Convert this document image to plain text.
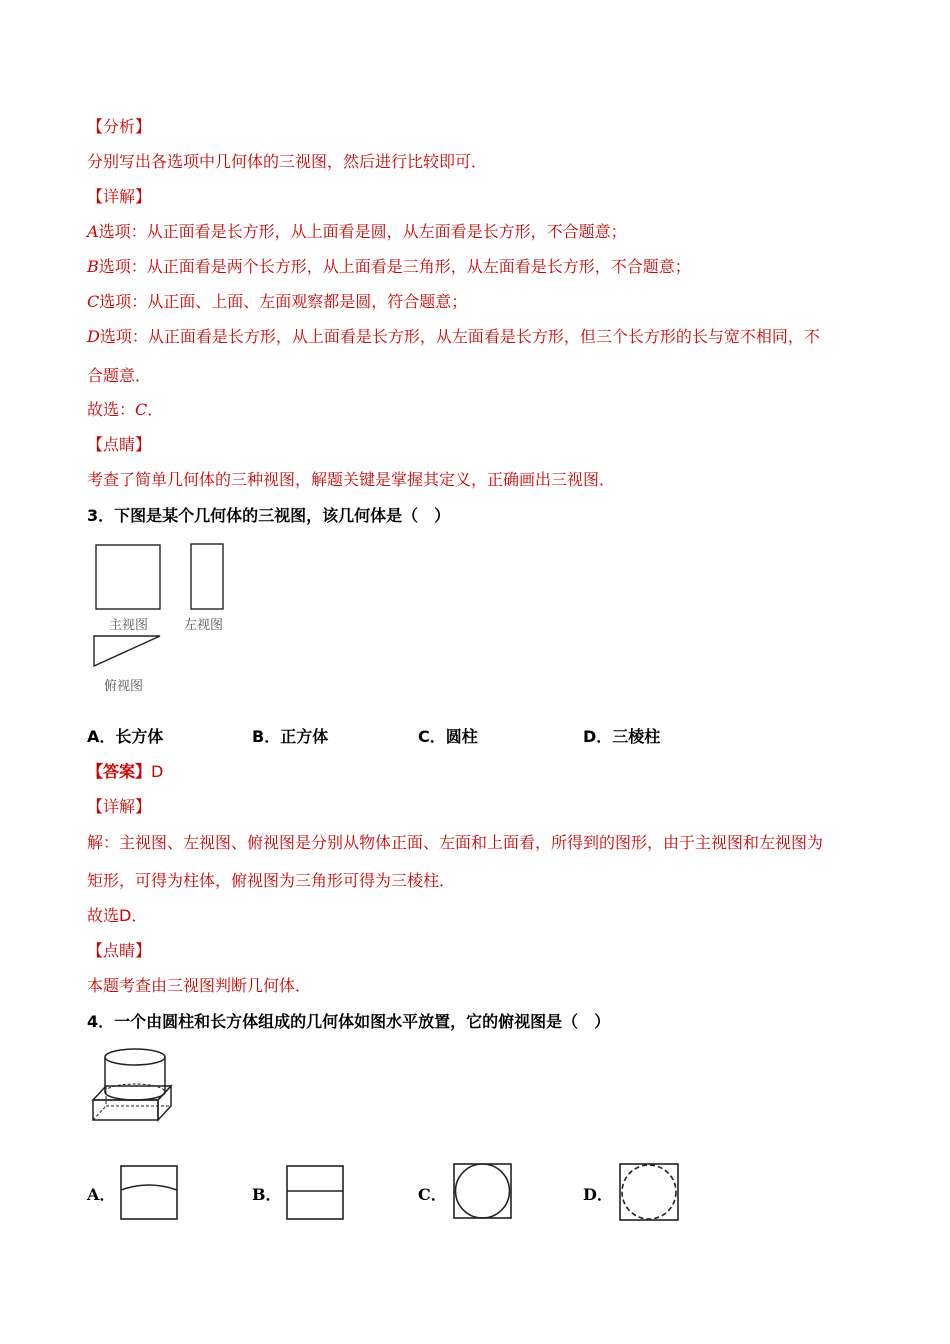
【分析】
分别写出各选项中几何体的三视图，然后进行比较即可．
【详解】
A选项：从正面看是长方形，从上面看是圆，从左面看是长方形，不合题意；
B选项：从正面看是两个长方形，从上面看是三角形，从左面看是长方形，不合题意；
C选项：从正面、上面、左面观察都是圆，符合题意；
D选项：从正面看是长方形，从上面看是长方形，从左面看是长方形，但三个长方形的长与宽不相同，不
合题意．
故选：C．
【点睛】
考查了简单几何体的三种视图，解题关键是掌握其定义，正确画出三视图．
3．下图是某个几何体的三视图，该几何体是（　）
主视图	左视图
俯视图
A．长方体	B．正方体	C．圆柱	D．三棱柱
【答案】D
【详解】
解：主视图、左视图、俯视图是分别从物体正面、左面和上面看，所得到的图形，由于主视图和左视图为
矩形，可得为柱体，俯视图为三角形可得为三棱柱．
故选D．
【点睛】
本题考查由三视图判断几何体．
4．一个由圆柱和长方体组成的几何体如图水平放置，它的俯视图是（　）
A．	B．	C．	D．
